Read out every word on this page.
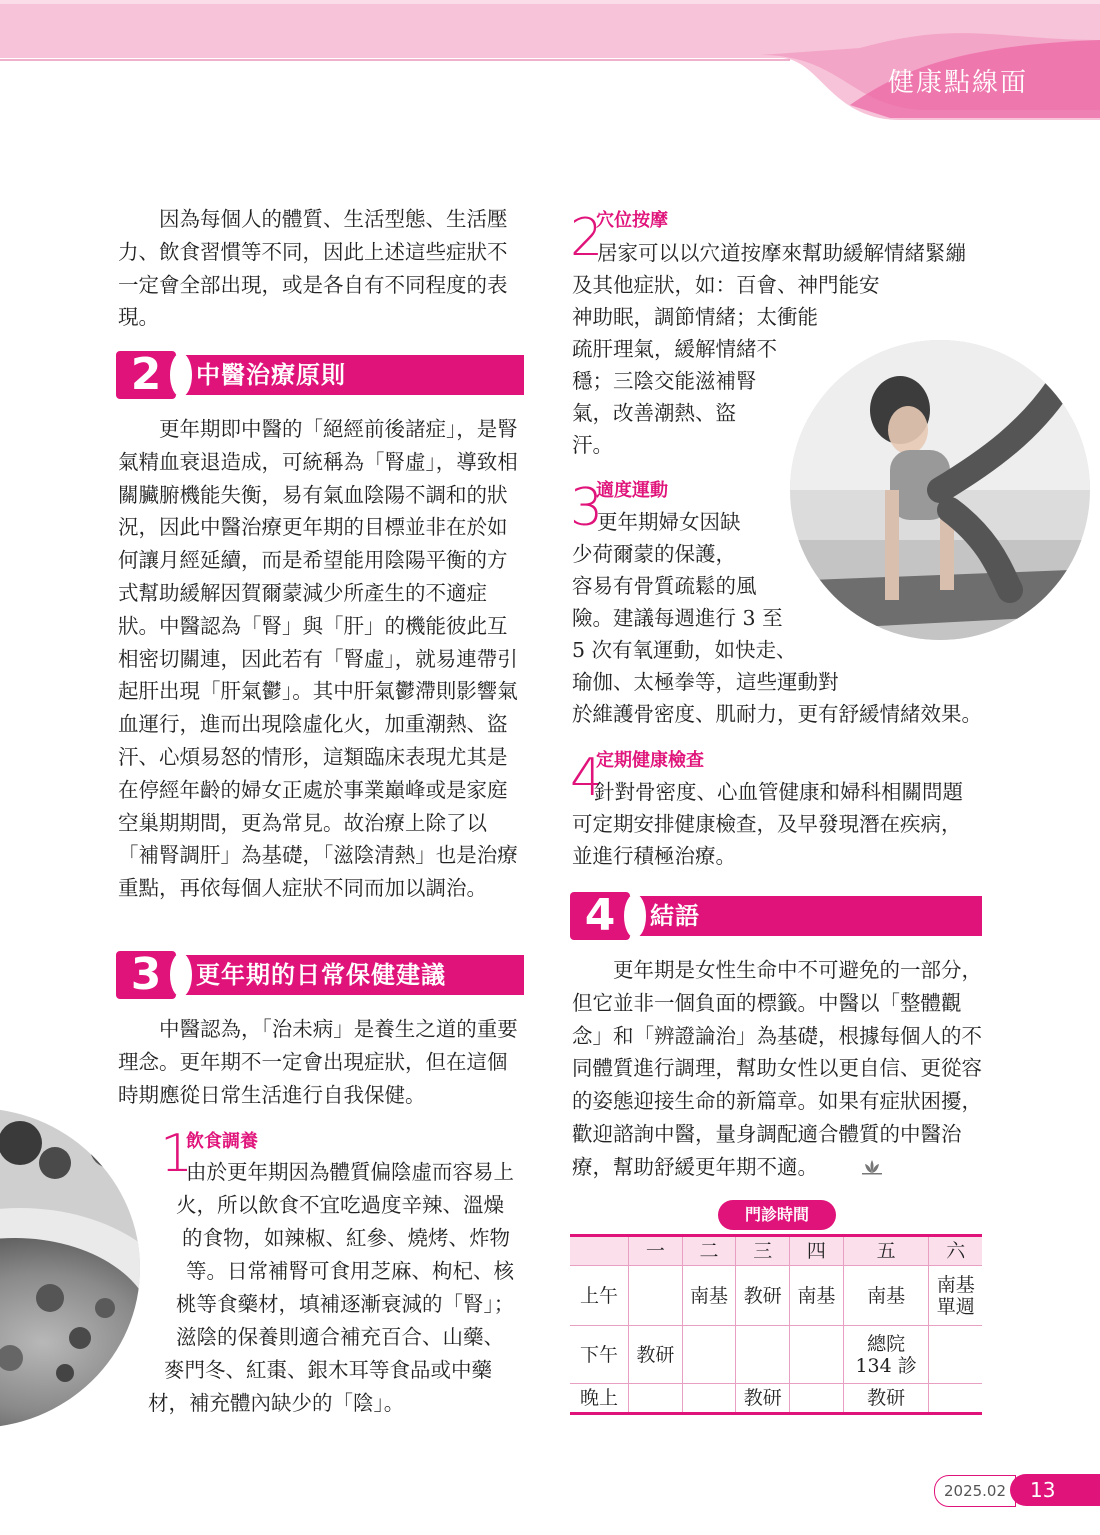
健康點線面
因為每個人的體質、生活型態、生活壓力、飲食習慣等不同，因此上述這些症狀不一定會全部出現，或是各自有不同程度的表現。
2	中醫治療原則
更年期即中醫的「絕經前後諸症」，是腎氣精血衰退造成，可統稱為「腎虛」，導致相關臟腑機能失衡，易有氣血陰陽不調和的狀況，因此中醫治療更年期的目標並非在於如何讓月經延續，而是希望能用陰陽平衡的方式幫助緩解因賀爾蒙減少所產生的不適症狀。中醫認為「腎」與「肝」的機能彼此互相密切關連，因此若有「腎虛」，就易連帶引起肝出現「肝氣鬱」。其中肝氣鬱滯則影響氣血運行，進而出現陰虛化火，加重潮熱、盜汗、心煩易怒的情形，這類臨床表現尤其是在停經年齡的婦女正處於事業巔峰或是家庭空巢期期間，更為常見。故治療上除了以「補腎調肝」為基礎，「滋陰清熱」也是治療重點，再依每個人症狀不同而加以調治。
3	更年期的日常保健建議
中醫認為，「治未病」是養生之道的重要理念。更年期不一定會出現症狀，但在這個時期應從日常生活進行自我保健。
1
飲食調養
由於更年期因為體質偏陰虛而容易上
火，所以飲食不宜吃過度辛辣、溫燥
的食物，如辣椒、紅參、燒烤、炸物
等。日常補腎可食用芝麻、枸杞、核
桃等食藥材，填補逐漸衰減的「腎」；
滋陰的保養則適合補充百合、山藥、
麥門冬、紅棗、銀木耳等食品或中藥
材，補充體內缺少的「陰」。
2
穴位按摩
居家可以以穴道按摩來幫助緩解情緒緊繃
及其他症狀，如：百會、神門能安
神助眠，調節情緒；太衝能
疏肝理氣，緩解情緒不
穩；三陰交能滋補腎
氣，改善潮熱、盜
汗。
3
適度運動
更年期婦女因缺
少荷爾蒙的保護，
容易有骨質疏鬆的風
險。建議每週進行 3 至
5 次有氧運動，如快走、
瑜伽、太極拳等，這些運動對
於維護骨密度、肌耐力，更有舒緩情緒效果。
4
定期健康檢查
針對骨密度、心血管健康和婦科相關問題
可定期安排健康檢查，及早發現潛在疾病，
並進行積極治療。
4	結語
更年期是女性生命中不可避免的一部分，但它並非一個負面的標籤。中醫以「整體觀念」和「辨證論治」為基礎，根據每個人的不同體質進行調理，幫助女性以更自信、更從容的姿態迎接生命的新篇章。如果有症狀困擾，歡迎諮詢中醫，量身調配適合體質的中醫治療，幫助舒緩更年期不適。
門診時間
	一	二	三	四	五	六
上午		南基	教研	南基	南基	南基
單週
下午	教研				總院
134 診	
晚上			教研		教研	
2025.02	13
